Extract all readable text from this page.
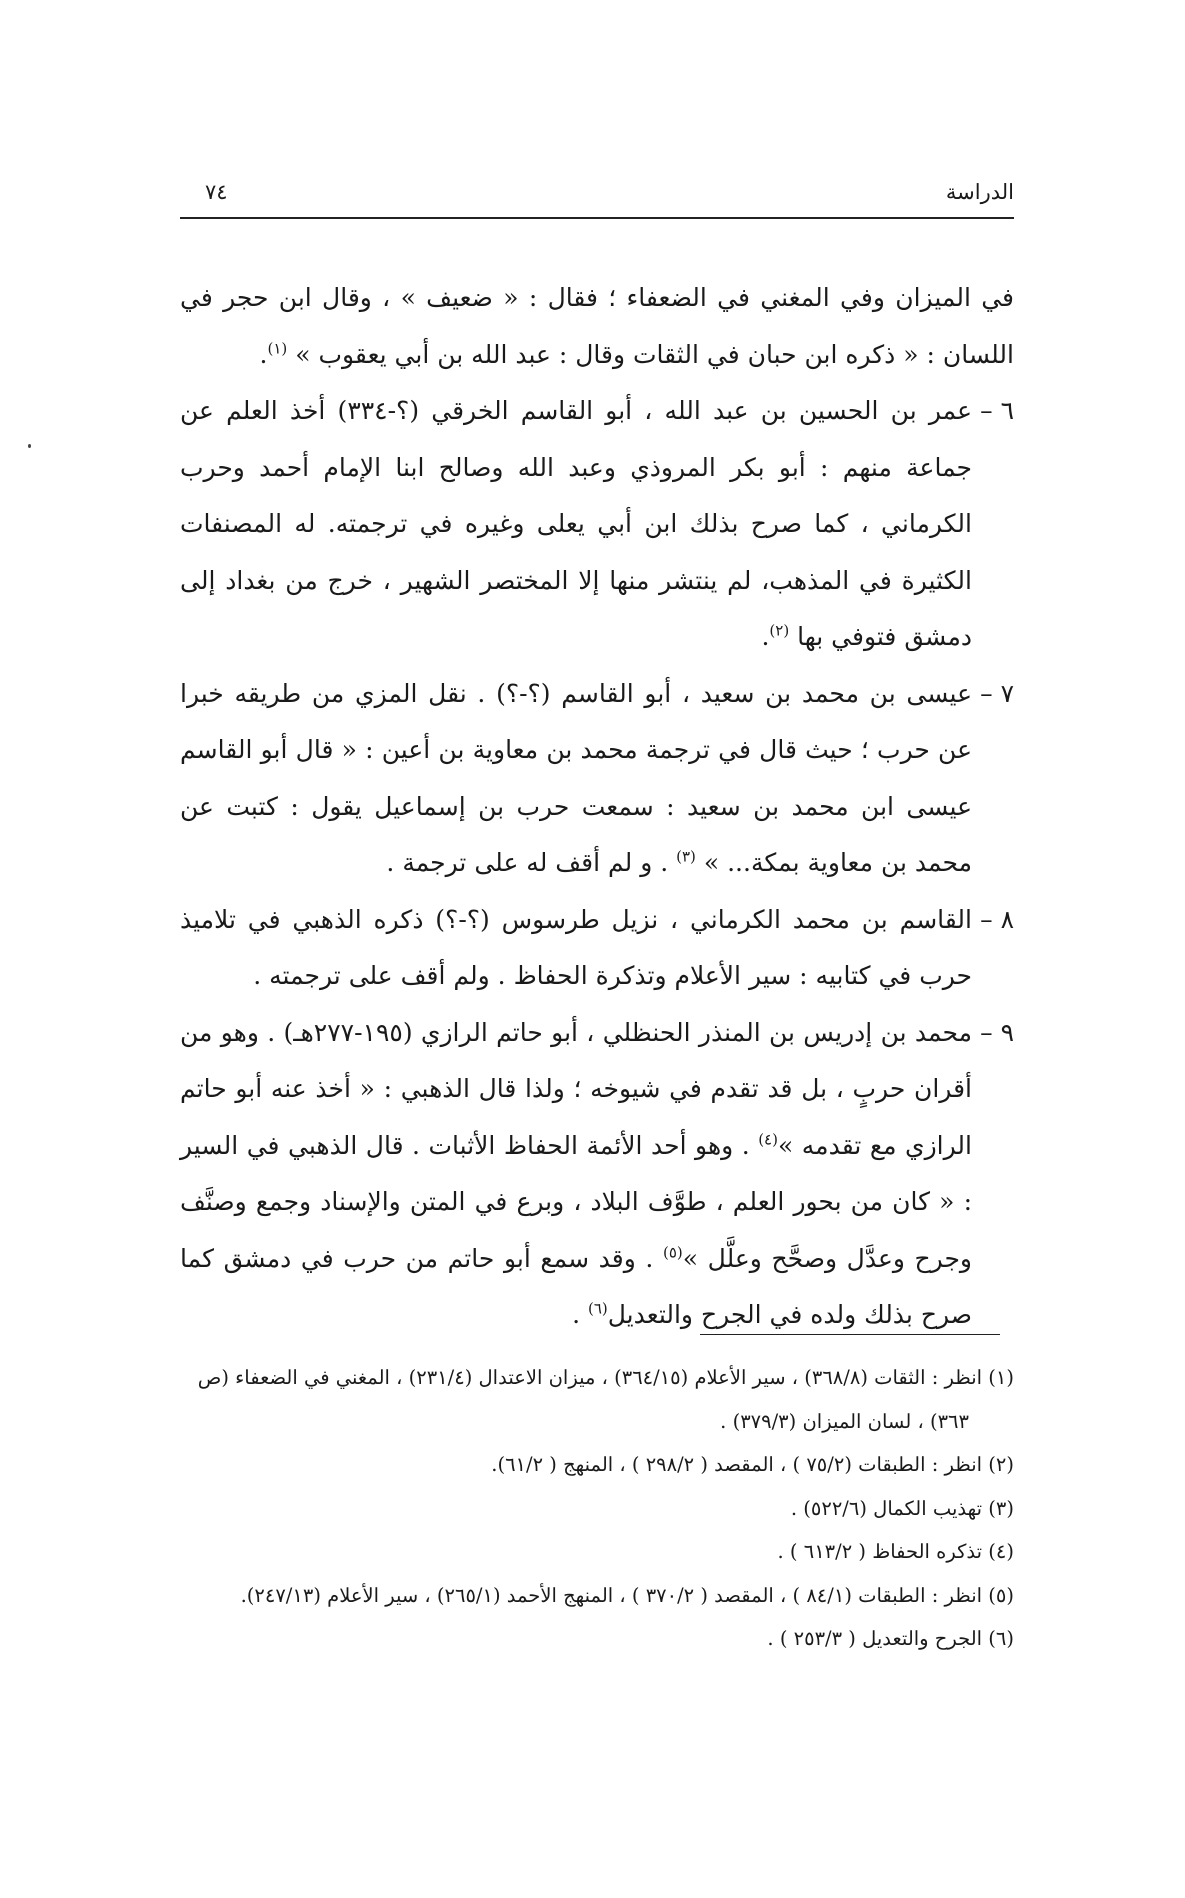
الدراسة
٧٤

في الميزان وفي المغني في الضعفاء ؛ فقال : « ضعيف » ، وقال ابن حجر في اللسان : « ذكره ابن حبان في الثقات وقال : عبد الله بن أبي يعقوب » $^{(١)}$.

٦ –
عمر بن الحسين بن عبد الله ، أبو القاسم الخرقي (؟-٣٣٤) أخذ العلم عن جماعة منهم : أبو بكر المروذي وعبد الله وصالح ابنا الإمام أحمد وحرب الكرماني ، كما صرح بذلك ابن أبي يعلى وغيره في ترجمته. له المصنفات الكثيرة في المذهب، لم ينتشر منها إلا المختصر الشهير ، خرج من بغداد إلى دمشق فتوفي بها $^{(٢)}$.

٧ –
عيسى بن محمد بن سعيد ، أبو القاسم (؟-؟) . نقل المزي من طريقه خبرا عن حرب ؛ حيث قال في ترجمة محمد بن معاوية بن أعين : « قال أبو القاسم عيسى ابن محمد بن سعيد : سمعت حرب بن إسماعيل يقول : كتبت عن محمد بن معاوية بمكة... » $^{(٣)}$ . و لم أقف له على ترجمة .

٨ –
القاسم بن محمد الكرماني ، نزيل طرسوس (؟-؟) ذكره الذهبي في تلاميذ حرب في كتابيه : سير الأعلام وتذكرة الحفاظ . ولم أقف على ترجمته .

٩ –
محمد بن إدريس بن المنذر الحنظلي ، أبو حاتم الرازي (١٩٥-٢٧٧هـ) . وهو من أقران حربٍ ، بل قد تقدم في شيوخه ؛ ولذا قال الذهبي : « أخذ عنه أبو حاتم الرازي مع تقدمه »$^{(٤)}$ . وهو أحد الأئمة الحفاظ الأثبات . قال الذهبي في السير : « كان من بحور العلم ، طوَّف البلاد ، وبرع في المتن والإسناد وجمع وصنَّف وجرح وعدَّل وصحَّح وعلَّل »$^{(٥)}$ . وقد سمع أبو حاتم من حرب في دمشق كما صرح بذلك ولده في الجرح والتعديل$^{(٦)}$ .

(١) انظر : الثقات (٣٦٨/٨) ، سير الأعلام (٣٦٤/١٥) ، ميزان الاعتدال (٢٣١/٤) ، المغني في الضعفاء (ص ٣٦٣) ، لسان الميزان (٣٧٩/٣) .

(٢) انظر : الطبقات (٧٥/٢ ) ، المقصد ( ٢٩٨/٢ ) ، المنهج ( ٦١/٢).

(٣) تهذيب الكمال (٥٢٢/٦) .

(٤) تذكره الحفاظ ( ٦١٣/٢ ) .

(٥) انظر : الطبقات (٨٤/١ ) ، المقصد ( ٣٧٠/٢ ) ، المنهج الأحمد (٢٦٥/١) ، سير الأعلام (٢٤٧/١٣).

(٦) الجرح والتعديل ( ٢٥٣/٣ ) .
